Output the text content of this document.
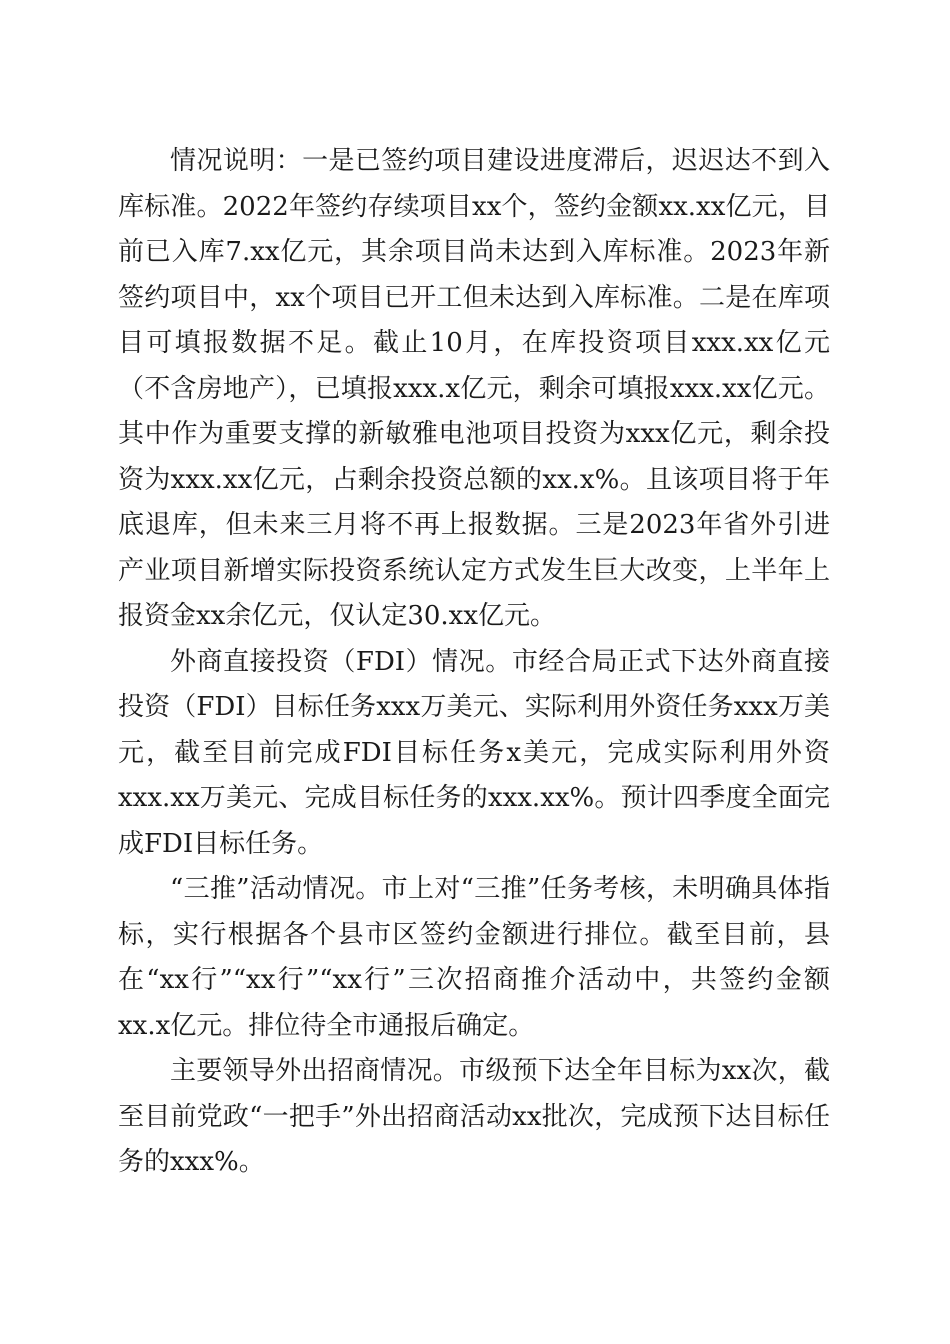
情况说明：一是已签约项目建设进度滞后，迟迟达不到入库标准。2022年签约存续项目xx个，签约金额xx.xx亿元，目前已入库7.xx亿元，其余项目尚未达到入库标准。2023年新签约项目中，xx个项目已开工但未达到入库标准。二是在库项目可填报数据不足。截止10月，在库投资项目xxx.xx亿元（不含房地产），已填报xxx.x亿元，剩余可填报xxx.xx亿元。其中作为重要支撑的新敏雅电池项目投资为xxx亿元，剩余投资为xxx.xx亿元，占剩余投资总额的xx.x%。且该项目将于年底退库，但未来三月将不再上报数据。三是2023年省外引进产业项目新增实际投资系统认定方式发生巨大改变，上半年上报资金xx余亿元，仅认定30.xx亿元。

外商直接投资（FDI）情况。市经合局正式下达外商直接投资（FDI）目标任务xxx万美元、实际利用外资任务xxx万美元，截至目前完成FDI目标任务x美元，完成实际利用外资xxx.xx万美元、完成目标任务的xxx.xx%。预计四季度全面完成FDI目标任务。

“三推”活动情况。市上对“三推”任务考核，未明确具体指标，实行根据各个县市区签约金额进行排位。截至目前，县在“xx行”“xx行”“xx行”三次招商推介活动中，共签约金额xx.x亿元。排位待全市通报后确定。

主要领导外出招商情况。市级预下达全年目标为xx次，截至目前党政“一把手”外出招商活动xx批次，完成预下达目标任务的xxx%。
